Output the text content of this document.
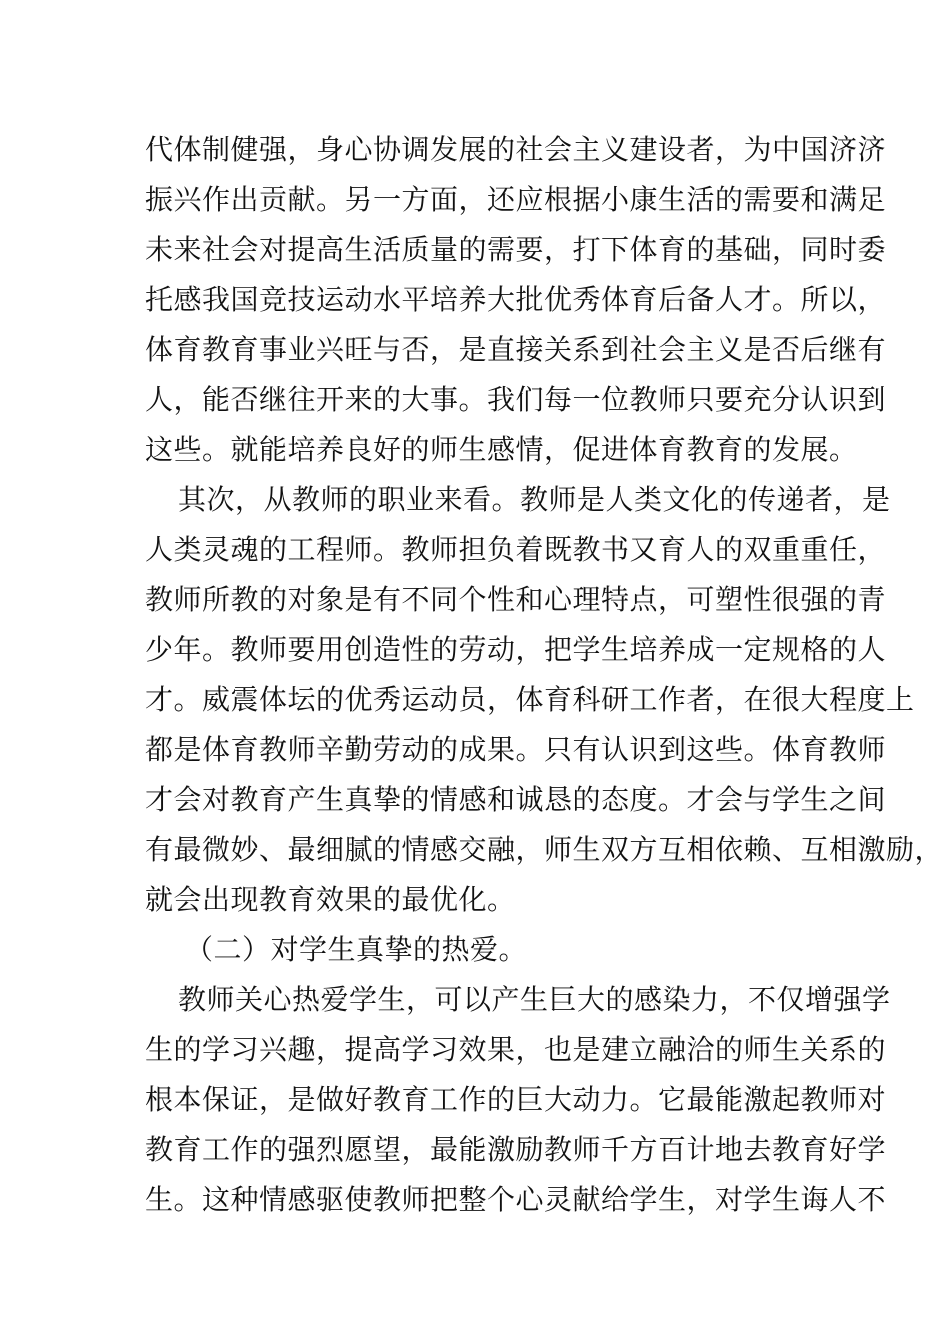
代体制健强，身心协调发展的社会主义建设者，为中国济济
振兴作出贡献。另一方面，还应根据小康生活的需要和满足
未来社会对提高生活质量的需要，打下体育的基础，同时委
托感我国竞技运动水平培养大批优秀体育后备人才。所以，
体育教育事业兴旺与否，是直接关系到社会主义是否后继有
人，能否继往开来的大事。我们每一位教师只要充分认识到
这些。就能培养良好的师生感情，促进体育教育的发展。
其次，从教师的职业来看。教师是人类文化的传递者，是
人类灵魂的工程师。教师担负着既教书又育人的双重重任，
教师所教的对象是有不同个性和心理特点，可塑性很强的青
少年。教师要用创造性的劳动，把学生培养成一定规格的人
才。威震体坛的优秀运动员，体育科研工作者，在很大程度上
都是体育教师辛勤劳动的成果。只有认识到这些。体育教师
才会对教育产生真挚的情感和诚恳的态度。才会与学生之间
有最微妙、最细腻的情感交融，师生双方互相依赖、互相激励，
就会出现教育效果的最优化。
（二）对学生真挚的热爱。
教师关心热爱学生，可以产生巨大的感染力，不仅增强学
生的学习兴趣，提高学习效果，也是建立融洽的师生关系的
根本保证，是做好教育工作的巨大动力。它最能激起教师对
教育工作的强烈愿望，最能激励教师千方百计地去教育好学
生。这种情感驱使教师把整个心灵献给学生，对学生诲人不
